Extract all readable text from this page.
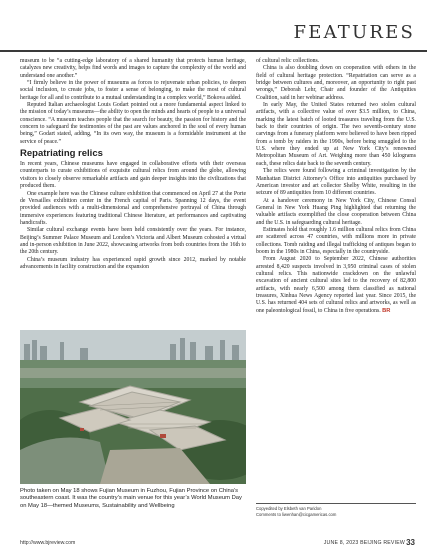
FEATURES

museum to be “a cutting-edge laboratory of a shared humanity that protects human heritage, catalyzes new creativity, helps find words and images to capture the complexity of the world and understand one another.”

“I firmly believe in the power of museums as forces to rejuvenate urban policies, to deepen social inclusion, to create jobs, to foster a sense of belonging, to make the most of cultural heritage for all and to contribute to a mutual understanding in a complex world,” Bokova added.

Reputed Italian archaeologist Louis Godart pointed out a more fundamental aspect linked to the mission of today’s museums—the ability to open the minds and hearts of people to a universal conscience. “A museum teaches people that the search for beauty, the passion for history and the concern to safeguard the testimonies of the past are values anchored in the soul of every human being,” Godart stated, adding, “In its own way, the museum is a formidable instrument at the service of peace.”

Repatriating relics

In recent years, Chinese museums have engaged in collaborative efforts with their overseas counterparts to curate exhibitions of exquisite cultural relics from around the globe, allowing visitors to closely observe remarkable artifacts and gain deeper insights into the civilizations that produced them.

One example here was the Chinese culture exhibition that commenced on April 27 at the Porte de Versailles exhibition center in the French capital of Paris. Spanning 12 days, the event provided audiences with a multi-dimensional and comprehensive portrayal of China through immersive experiences featuring traditional Chinese literature, art performances and captivating handicrafts.

Similar cultural exchange events have been held consistently over the years. For instance, Beijing’s Summer Palace Museum and London’s Victoria and Albert Museum cohosted a virtual and in-person exhibition in June 2022, showcasing artworks from both countries from the 16th to the 20th century.

China’s museum industry has experienced rapid growth since 2012, marked by notable advancements in facility construction and the expansion

Photo taken on May 18 shows Fujian Museum in Fuzhou, Fujian Province on China’s southeastern coast. It was the country’s main venue for this year’s World Museum Day on May 18—themed Museums, Sustainability and Wellbeing

of cultural relic collections.

China is also doubling down on cooperation with others in the field of cultural heritage protection. “Repatriation can serve as a bridge between cultures and, moreover, an opportunity to right past wrongs,” Deborah Lehr, Chair and founder of the Antiquities Coalition, said in her webinar address.

In early May, the United States returned two stolen cultural artifacts, with a collective value of over $3.5 million, to China, marking the latest batch of looted treasures traveling from the U.S. back to their countries of origin. The two seventh-century stone carvings from a funerary platform were believed to have been ripped from a tomb by raiders in the 1990s, before being smuggled to the U.S. where they ended up at New York City’s renowned Metropolitan Museum of Art. Weighing more than 450 kilograms each, these relics date back to the seventh century.

The relics were found following a criminal investigation by the Manhattan District Attorney’s Office into antiquities purchased by American investor and art collector Shelby White, resulting in the seizure of 89 antiquities from 10 different countries.

At a handover ceremony in New York City, Chinese Consul General in New York Huang Ping highlighted that returning the valuable artifacts exemplified the close cooperation between China and the U.S. in safeguarding cultural heritage.

Estimates hold that roughly 1.6 million cultural relics from China are scattered across 47 countries, with millions more in private collections. Tomb raiding and illegal trafficking of antiques began to boom in the 1980s in China, especially in the countryside.

From August 2020 to September 2022, Chinese authorities arrested 8,420 suspects involved in 3,950 criminal cases of stolen cultural relics. This nationwide crackdown on the unlawful excavation of ancient cultural sites led to the recovery of 82,800 artifacts, with nearly 6,500 among them classified as national treasures, Xinhua News Agency reported last year. Since 2015, the U.S. has returned 404 sets of cultural relics and artworks, as well as one paleontological fossil, to China in five operations. BR

Copyedited by Elsbeth van Paridon
Comments to liwenhan@cicgamericas.com
http://www.bjreview.com	JUNE 8, 2023 BEIJING REVIEW 33
